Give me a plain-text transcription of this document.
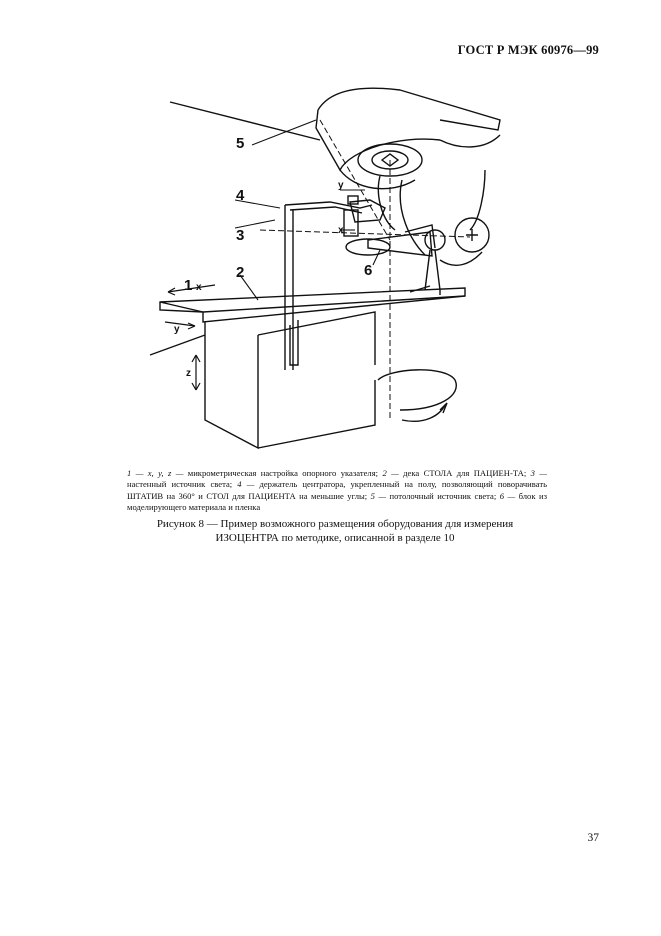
ГОСТ Р МЭК 60976—99
5
4
3
2	6
1 x
y
z
y
x
1 — x, y, z — микрометрическая настройка опорного указателя; 2 — дека СТОЛА для ПАЦИЕН-ТА; 3 — настенный источник света; 4 — держатель центратора, укрепленный на полу, позволяющий поворачивать ШТАТИВ на 360° и СТОЛ для ПАЦИЕНТА на меньшие углы; 5 — потолочный источник света; 6 — блок из моделирующего материала и пленка
Рисунок 8 — Пример возможного размещения оборудования для измерения
ИЗОЦЕНТРА по методике, описанной в разделе 10
37
